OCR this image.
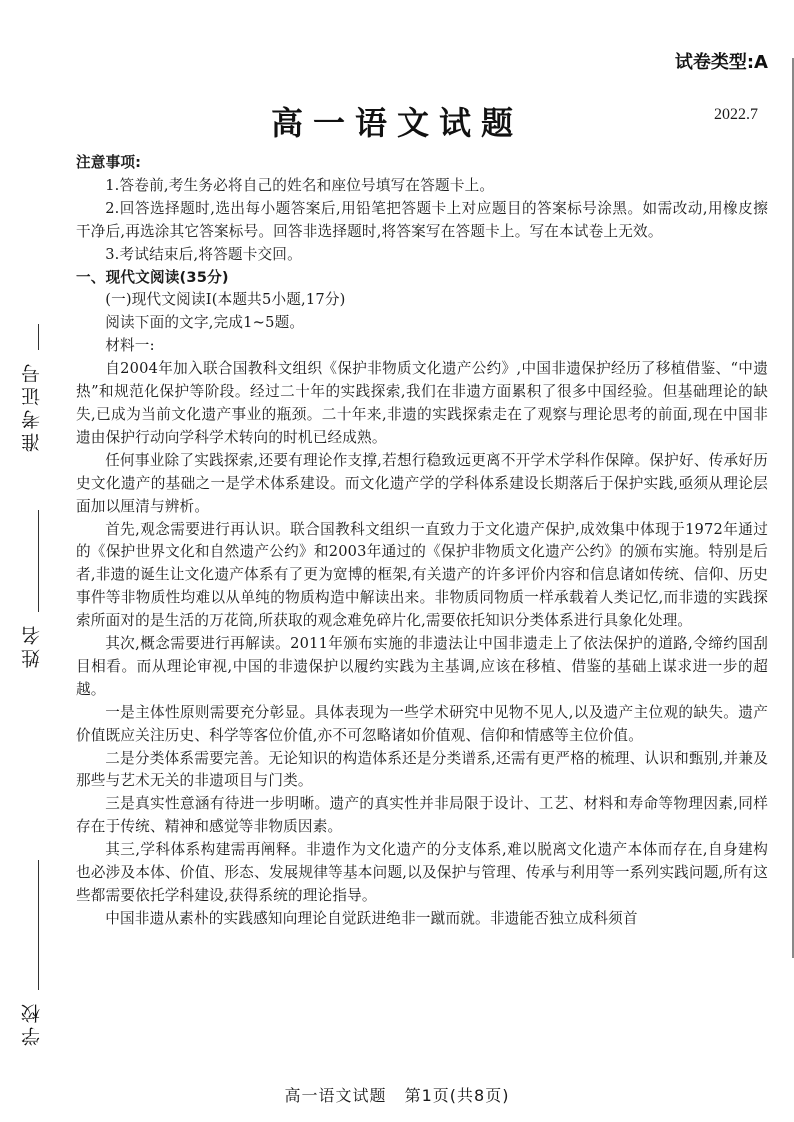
准考证号
姓名
学校
试卷类型:A
2022.7
高一语文试题

注意事项:

1.答卷前,考生务必将自己的姓名和座位号填写在答题卡上。

2.回答选择题时,选出每小题答案后,用铅笔把答题卡上对应题目的答案标号涂黑。如需改动,用橡皮擦干净后,再选涂其它答案标号。回答非选择题时,将答案写在答题卡上。写在本试卷上无效。

3.考试结束后,将答题卡交回。

一、现代文阅读(35分)

(一)现代文阅读Ⅰ(本题共5小题,17分)

阅读下面的文字,完成1~5题。

材料一:

自2004年加入联合国教科文组织《保护非物质文化遗产公约》,中国非遗保护经历了移植借鉴、“中遗热”和规范化保护等阶段。经过二十年的实践探索,我们在非遗方面累积了很多中国经验。但基础理论的缺失,已成为当前文化遗产事业的瓶颈。二十年来,非遗的实践探索走在了观察与理论思考的前面,现在中国非遗由保护行动向学科学术转向的时机已经成熟。

任何事业除了实践探索,还要有理论作支撑,若想行稳致远更离不开学术学科作保障。保护好、传承好历史文化遗产的基础之一是学术体系建设。而文化遗产学的学科体系建设长期落后于保护实践,亟须从理论层面加以厘清与辨析。

首先,观念需要进行再认识。联合国教科文组织一直致力于文化遗产保护,成效集中体现于1972年通过的《保护世界文化和自然遗产公约》和2003年通过的《保护非物质文化遗产公约》的颁布实施。特别是后者,非遗的诞生让文化遗产体系有了更为宽博的框架,有关遗产的许多评价内容和信息诸如传统、信仰、历史事件等非物质性均难以从单纯的物质构造中解读出来。非物质同物质一样承载着人类记忆,而非遗的实践探索所面对的是生活的万花筒,所获取的观念难免碎片化,需要依托知识分类体系进行具象化处理。

其次,概念需要进行再解读。2011年颁布实施的非遗法让中国非遗走上了依法保护的道路,令缔约国刮目相看。而从理论审视,中国的非遗保护以履约实践为主基调,应该在移植、借鉴的基础上谋求进一步的超越。

一是主体性原则需要充分彰显。具体表现为一些学术研究中见物不见人,以及遗产主位观的缺失。遗产价值既应关注历史、科学等客位价值,亦不可忽略诸如价值观、信仰和情感等主位价值。

二是分类体系需要完善。无论知识的构造体系还是分类谱系,还需有更严格的梳理、认识和甄别,并兼及那些与艺术无关的非遗项目与门类。

三是真实性意涵有待进一步明晰。遗产的真实性并非局限于设计、工艺、材料和寿命等物理因素,同样存在于传统、精神和感觉等非物质因素。

其三,学科体系构建需再阐释。非遗作为文化遗产的分支体系,难以脱离文化遗产本体而存在,自身建构也必涉及本体、价值、形态、发展规律等基本问题,以及保护与管理、传承与利用等一系列实践问题,所有这些都需要依托学科建设,获得系统的理论指导。

中国非遗从素朴的实践感知向理论自觉跃进绝非一蹴而就。非遗能否独立成科须首

高一语文试题 第1页(共8页)
